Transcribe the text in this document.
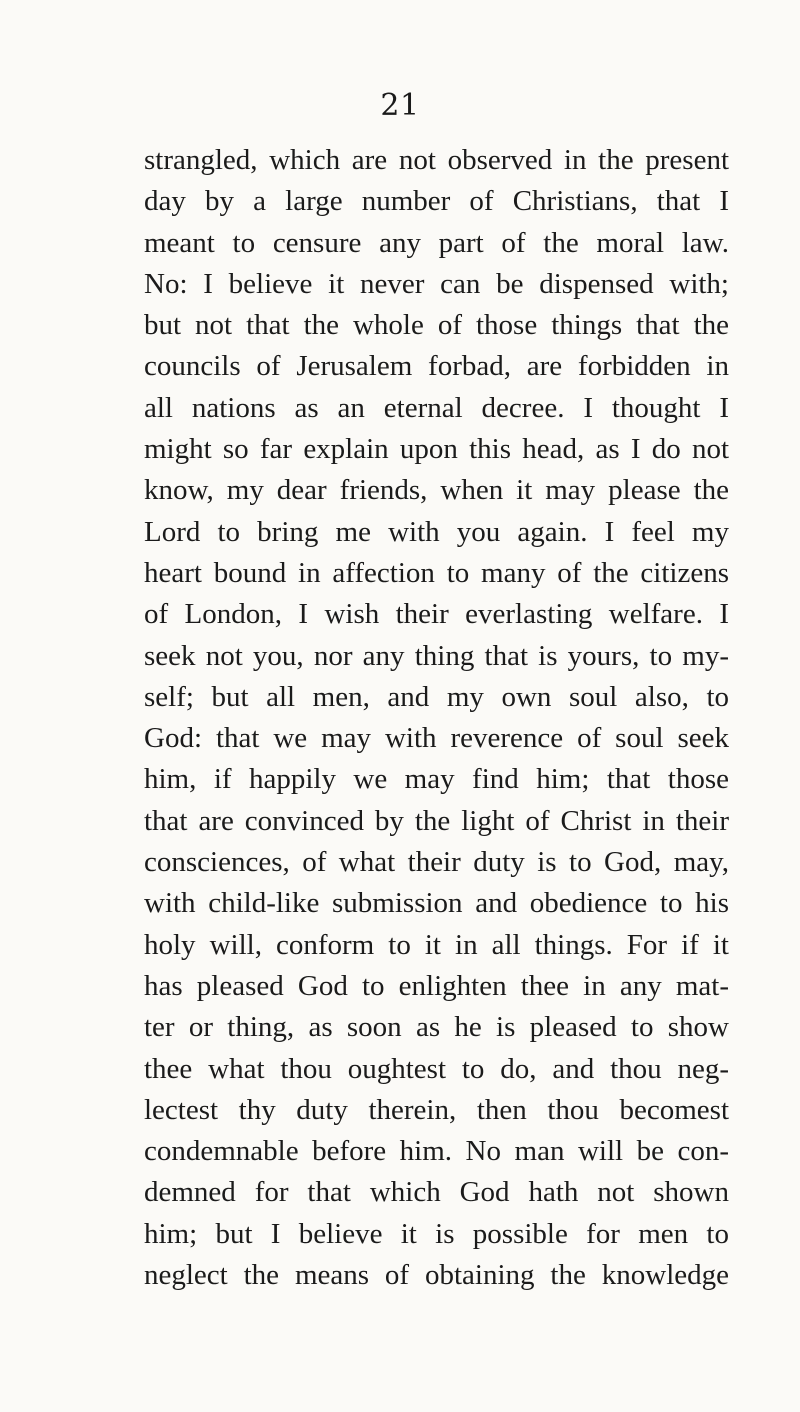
21
strangled, which are not observed in the present
day by a large number of Christians, that I
meant to censure any part of the moral law.
No: I believe it never can be dispensed with;
but not that the whole of those things that the
councils of Jerusalem forbad, are forbidden in
all nations as an eternal decree. I thought I
might so far explain upon this head, as I do not
know, my dear friends, when it may please the
Lord to bring me with you again. I feel my
heart bound in affection to many of the citizens
of London, I wish their everlasting welfare. I
seek not you, nor any thing that is yours, to my-
self; but all men, and my own soul also, to
God: that we may with reverence of soul seek
him, if happily we may find him; that those
that are convinced by the light of Christ in their
consciences, of what their duty is to God, may,
with child-like submission and obedience to his
holy will, conform to it in all things. For if it
has pleased God to enlighten thee in any mat-
ter or thing, as soon as he is pleased to show
thee what thou oughtest to do, and thou neg-
lectest thy duty therein, then thou becomest
condemnable before him. No man will be con-
demned for that which God hath not shown
him; but I believe it is possible for men to
neglect the means of obtaining the knowledge
